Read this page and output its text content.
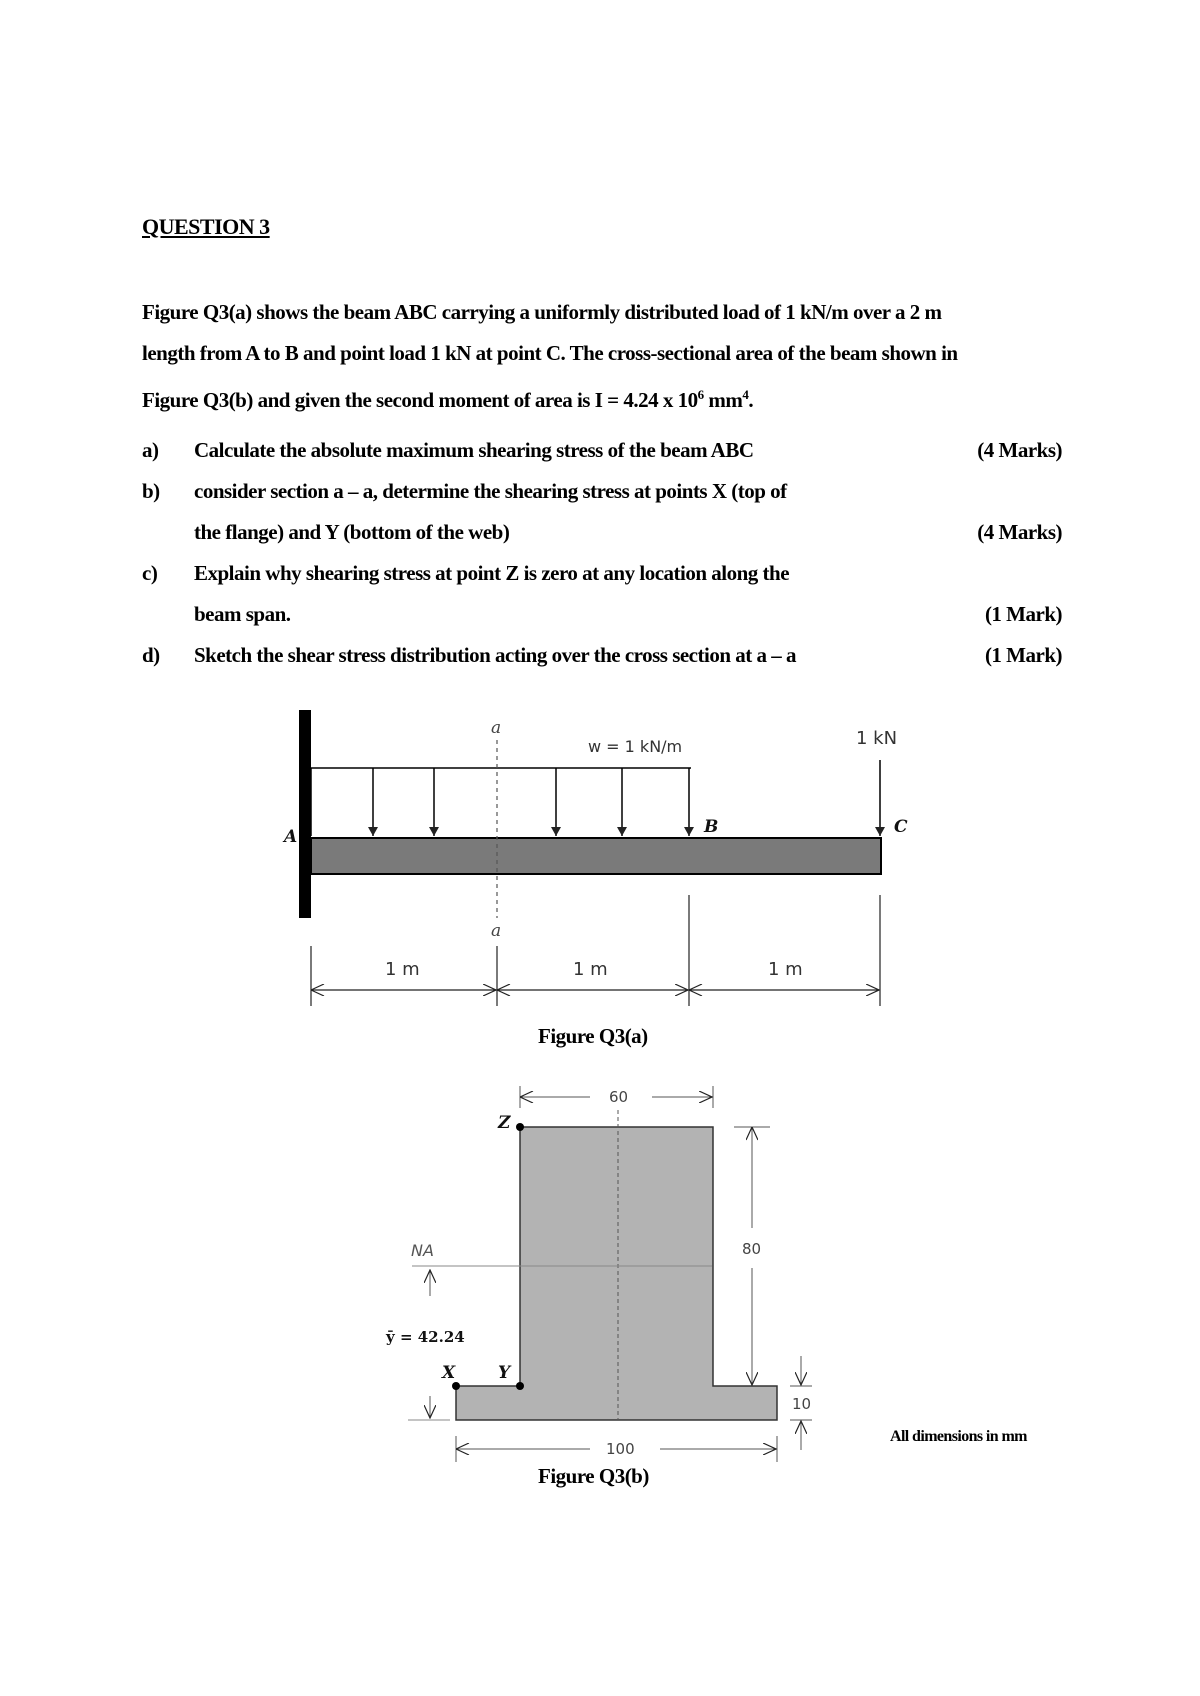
QUESTION 3
Figure Q3(a) shows the beam ABC carrying a uniformly distributed load of 1 kN/m over a 2 m
length from A to B and point load 1 kN at point C. The cross-sectional area of the beam shown in
Figure Q3(b) and given the second moment of area is I = 4.24 x $10^6$ $mm^4$.
a) Calculate the absolute maximum shearing stress of the beam ABC	(4 Marks)
b) consider section a – a, determine the shearing stress at points X (top of
the flange) and Y (bottom of the web)	(4 Marks)
c) Explain why shearing stress at point Z is zero at any location along the
beam span.	(1 Mark)
d) Sketch the shear stress distribution acting over the cross section at a – a	(1 Mark)
1 kN
w = 1 kN/m
a
a
A	B	C
1 m	1 m	1 m
NA
ȳ = 42.24
Z
X	Y
60
80
10
100
Figure Q3(a)
Figure Q3(b)
All dimensions in mm
